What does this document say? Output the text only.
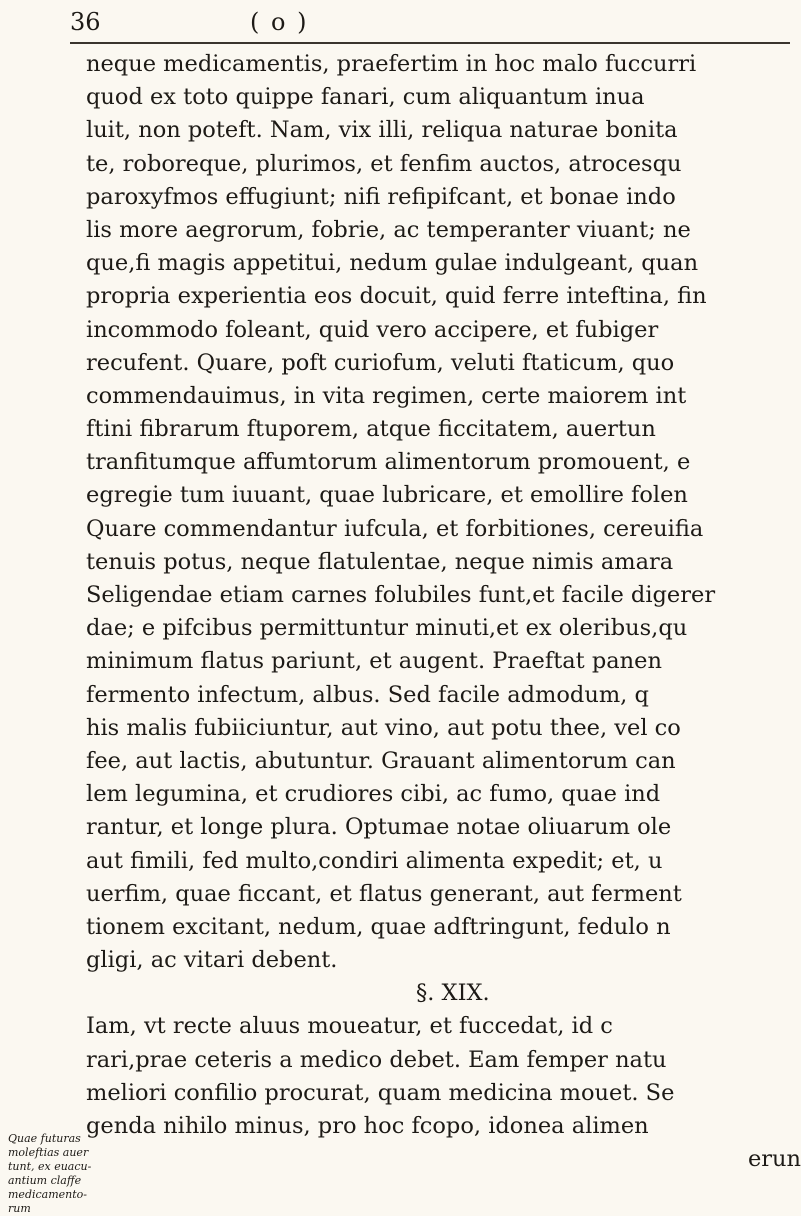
36	( o )
neque medicamentis, praefertim in hoc malo fuccurri
quod ex toto quippe fanari, cum aliquantum inua
luit, non poteft. Nam, vix illi, reliqua naturae bonita
te, roboreque, plurimos, et fenfim auctos, atrocesqu
paroxyfmos effugiunt; nifi refipifcant, et bonae indo
lis more aegrorum, fobrie, ac temperanter viuant; ne
que,fi magis appetitui, nedum gulae indulgeant, quan
propria experientia eos docuit, quid ferre inteftina, fin
incommodo foleant, quid vero accipere, et fubiger
recufent. Quare, poft curiofum, veluti ftaticum, quo
commendauimus, in vita regimen, certe maiorem int
ftini fibrarum ftuporem, atque ficcitatem, auertun
tranfitumque affumtorum alimentorum promouent, e
egregie tum iuuant, quae lubricare, et emollire folen
Quare commendantur iufcula, et forbitiones, cereuifia
tenuis potus, neque flatulentae, neque nimis amara
Seligendae etiam carnes folubiles funt,et facile digerer
dae; e pifcibus permittuntur minuti,et ex oleribus,qu
minimum flatus pariunt, et augent. Praeftat panen
fermento infectum, albus. Sed facile admodum, q
his malis fubiiciuntur, aut vino, aut potu thee, vel co
fee, aut lactis, abutuntur. Grauant alimentorum can
lem legumina, et crudiores cibi, ac fumo, quae ind
rantur, et longe plura. Optumae notae oliuarum ole
aut fimili, fed multo,condiri alimenta expedit; et, u
uerfim, quae ficcant, et flatus generant, aut ferment
tionem excitant, nedum, quae adftringunt, fedulo n
gligi, ac vitari debent.
§. XIX.
Iam, vt recte aluus moueatur, et fuccedat, id c
rari,prae ceteris a medico debet. Eam femper natu
meliori confilio procurat, quam medicina mouet. Se
genda nihilo minus, pro hoc fcopo, idonea alimen
erun
Quae futuras
moleftias auer
tunt, ex euacu-
antium claffe
medicamento-
rum
